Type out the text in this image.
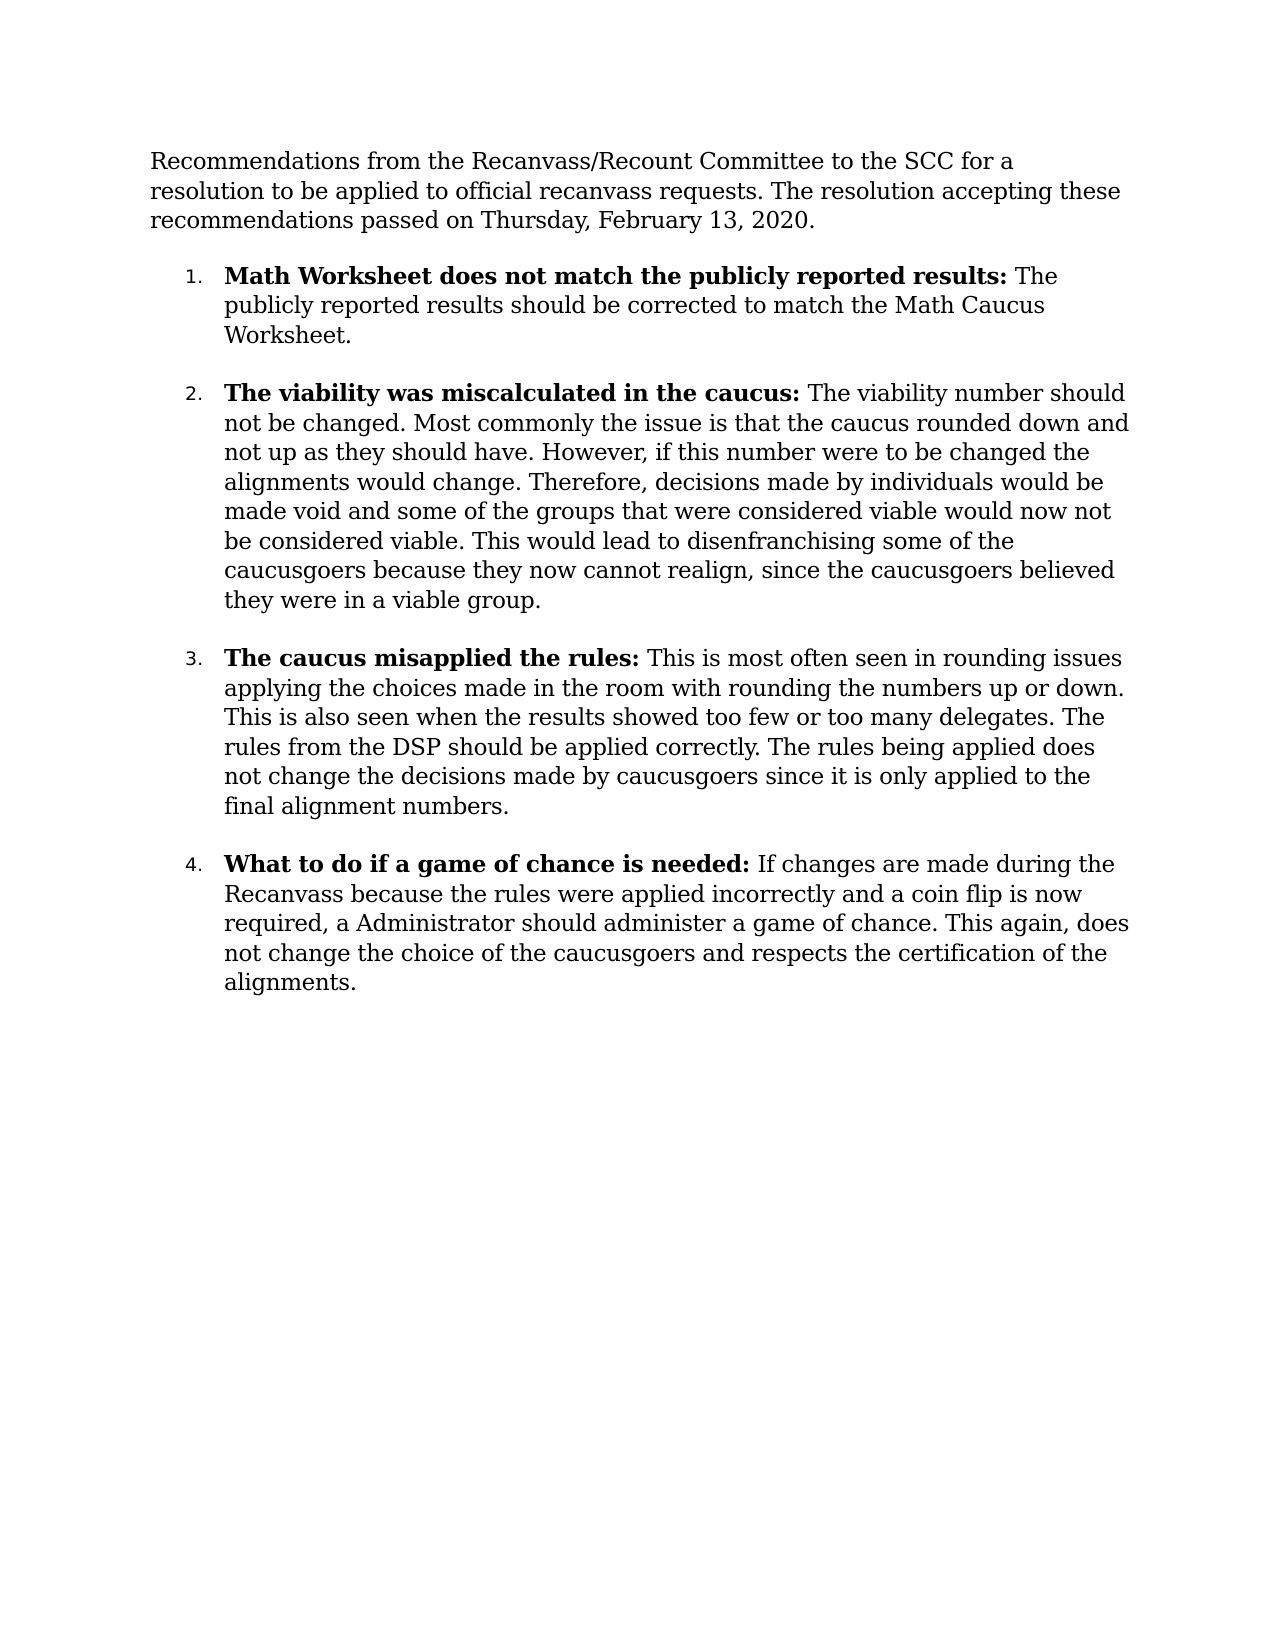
Recommendations from the Recanvass/Recount Committee to the SCC for a resolution to be applied to official recanvass requests. The resolution accepting these recommendations passed on Thursday, February 13, 2020.

1. Math Worksheet does not match the publicly reported results: The publicly reported results should be corrected to match the Math Caucus Worksheet.
2. The viability was miscalculated in the caucus: The viability number should not be changed. Most commonly the issue is that the caucus rounded down and not up as they should have. However, if this number were to be changed the alignments would change. Therefore, decisions made by individuals would be made void and some of the groups that were considered viable would now not be considered viable. This would lead to disenfranchising some of the caucusgoers because they now cannot realign, since the caucusgoers believed they were in a viable group.
3. The caucus misapplied the rules: This is most often seen in rounding issues applying the choices made in the room with rounding the numbers up or down. This is also seen when the results showed too few or too many delegates. The rules from the DSP should be applied correctly. The rules being applied does not change the decisions made by caucusgoers since it is only applied to the final alignment numbers.
4. What to do if a game of chance is needed: If changes are made during the Recanvass because the rules were applied incorrectly and a coin flip is now required, a Administrator should administer a game of chance. This again, does not change the choice of the caucusgoers and respects the certification of the alignments.
